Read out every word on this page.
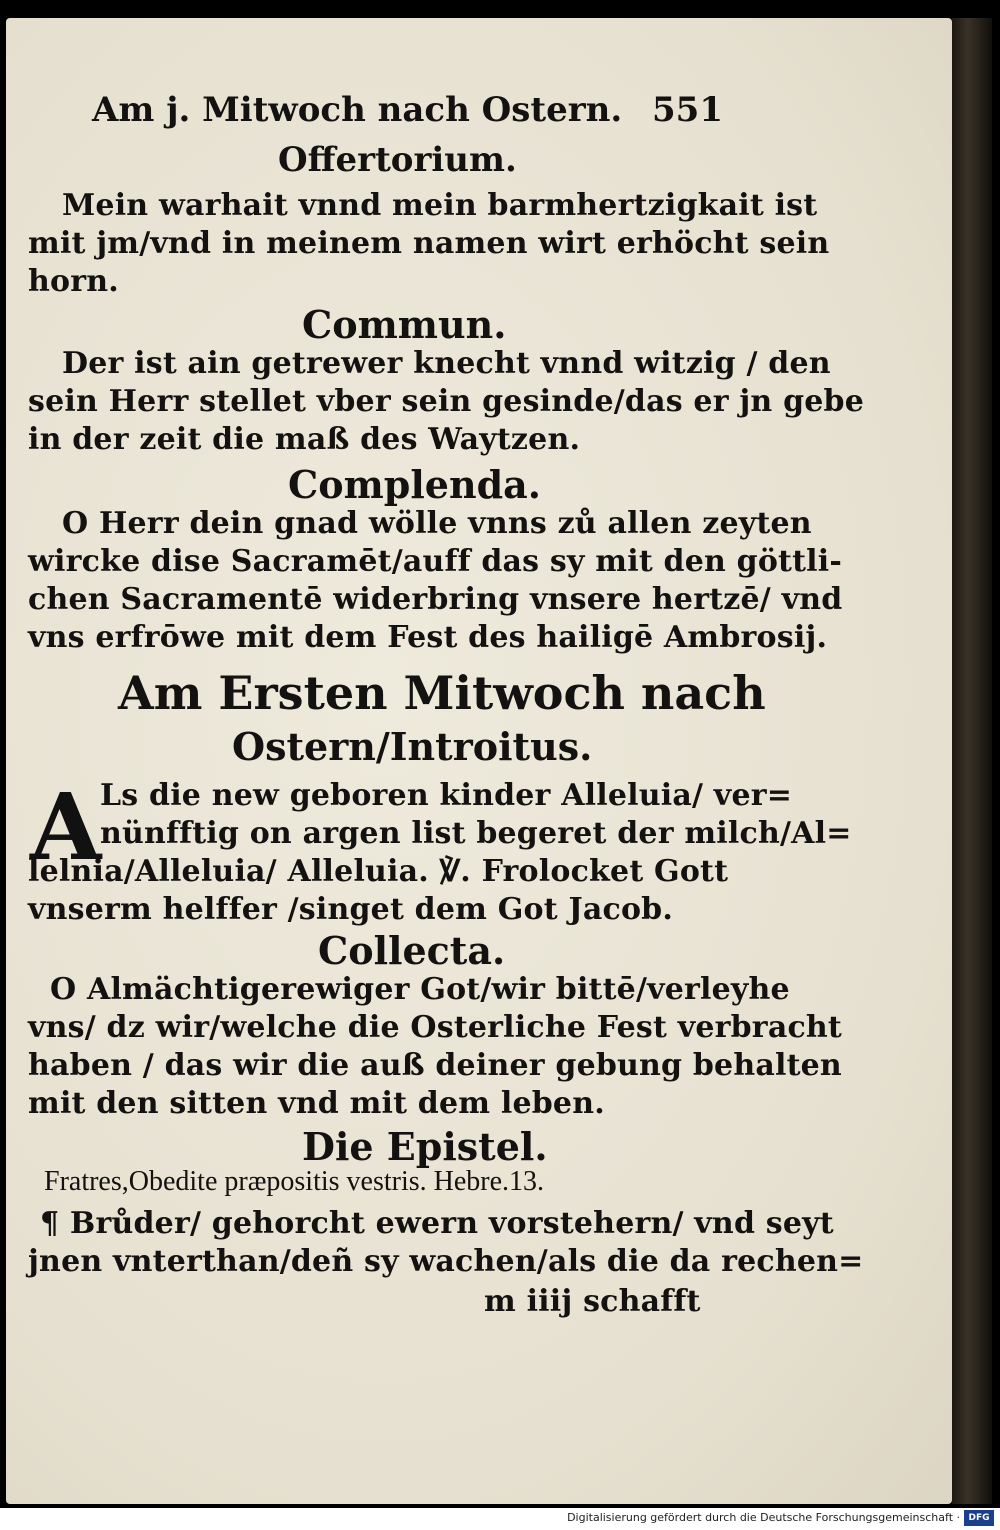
Am j. Mitwoch nach Ostern. 551
Offertorium.
Mein warhait vnnd mein barmhertzigkait ist
mit jm/vnd in meinem namen wirt erhöcht sein
horn.
Commun.
Der ist ain getrewer knecht vnnd witzig / den
sein Herr stellet vber sein gesinde/das er jn gebe
in der zeit die maß des Waytzen.
Complenda.
O Herr dein gnad wölle vnns zů allen zeyten
wircke dise Sacramēt/auff das sy mit den göttli-
chen Sacramentē widerbring vnsere hertzē/ vnd
vns erfrōwe mit dem Fest des hailigē Ambrosij.
Am Ersten Mitwoch nach
Ostern/Introitus.
A
Ls die new geboren kinder Alleluia/ ver=
nünfftig on argen list begeret der milch/Al=
lelnia/Alleluia/ Alleluia. ℣. Frolocket Gott
vnserm helffer /singet dem Got Jacob.
Collecta.
O Almächtigerewiger Got/wir bittē/verleyhe
vns/ dz wir/welche die Osterliche Fest verbracht
haben / das wir die auß deiner gebung behalten
mit den sitten vnd mit dem leben.
Die Epistel.
Fratres,Obedite præpositis vestris. Hebre.13.
¶ Brůder/ gehorcht ewern vorstehern/ vnd seyt
jnen vnterthan/deñ sy wachen/als die da rechen=
m iiij schafft
Digitalisierung gefördert durch die Deutsche Forschungsgemeinschaft · DFG
